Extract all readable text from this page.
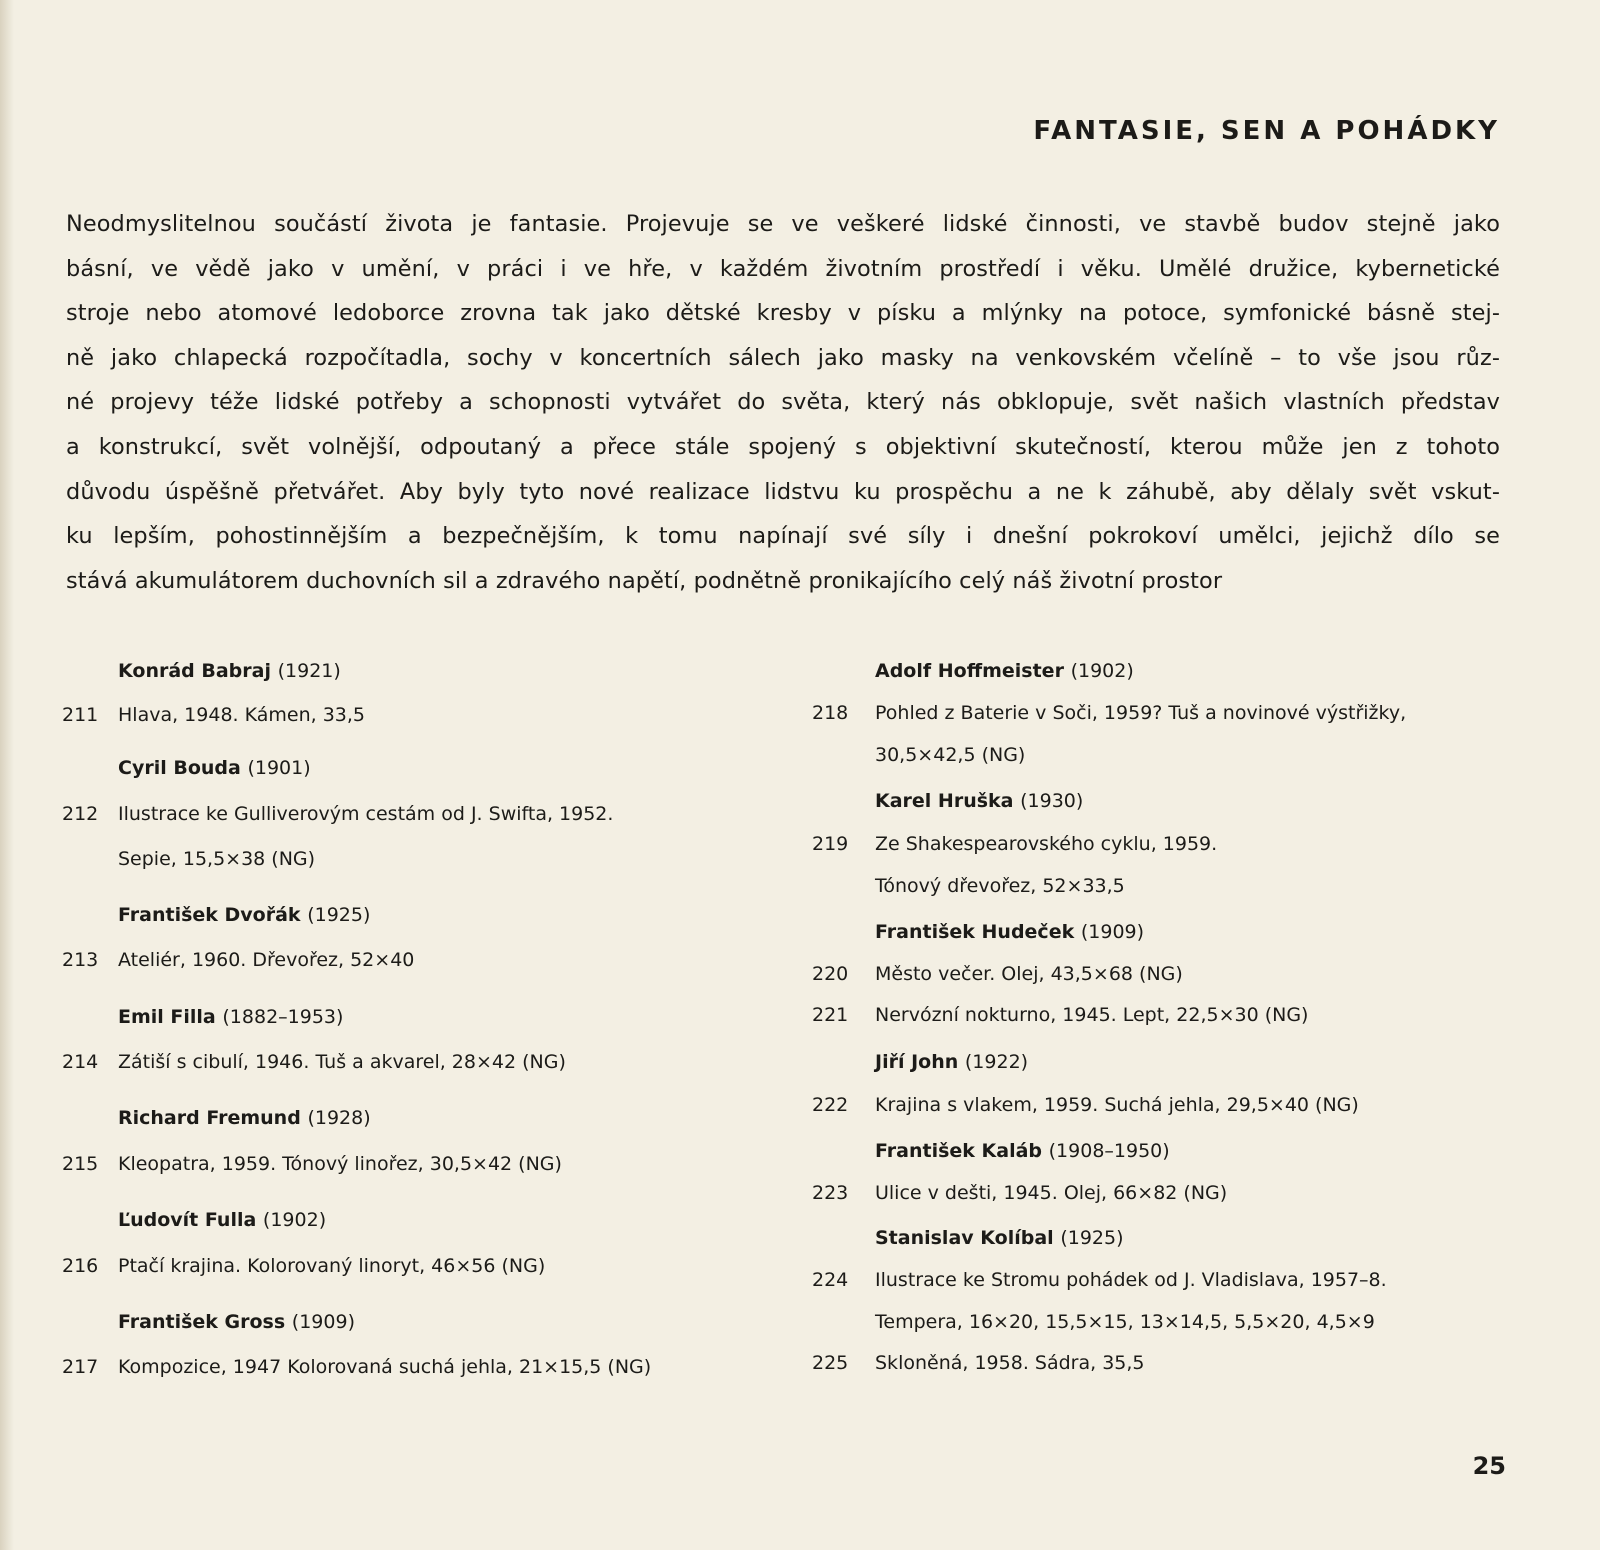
FANTASIE, SEN A POHÁDKY
Neodmyslitelnou součástí života je fantasie. Projevuje se ve veškeré lidské činnosti, ve stavbě budov stejně jako
básní, ve vědě jako v umění, v práci i ve hře, v každém životním prostředí i věku. Umělé družice, kybernetické
stroje nebo atomové ledoborce zrovna tak jako dětské kresby v písku a mlýnky na potoce, symfonické básně stej-
ně jako chlapecká rozpočítadla, sochy v koncertních sálech jako masky na venkovském včelíně – to vše jsou růz-
né projevy téže lidské potřeby a schopnosti vytvářet do světa, který nás obklopuje, svět našich vlastních představ
a konstrukcí, svět volnější, odpoutaný a přece stále spojený s objektivní skutečností, kterou může jen z tohoto
důvodu úspěšně přetvářet. Aby byly tyto nové realizace lidstvu ku prospěchu a ne k záhubě, aby dělaly svět vskut-
ku lepším, pohostinnějším a bezpečnějším, k tomu napínají své síly i dnešní pokrokoví umělci, jejichž dílo se
stává akumulátorem duchovních sil a zdravého napětí, podnětně pronikajícího celý náš životní prostor
Konrád Babraj (1921)
211 Hlava, 1948. Kámen, 33,5
Cyril Bouda (1901)
212 Ilustrace ke Gulliverovým cestám od J. Swifta, 1952.
Sepie, 15,5×38 (NG)
František Dvořák (1925)
213 Ateliér, 1960. Dřevořez, 52×40
Emil Filla (1882–1953)
214 Zátiší s cibulí, 1946. Tuš a akvarel, 28×42 (NG)
Richard Fremund (1928)
215 Kleopatra, 1959. Tónový linořez, 30,5×42 (NG)
Ľudovít Fulla (1902)
216 Ptačí krajina. Kolorovaný linoryt, 46×56 (NG)
František Gross (1909)
217 Kompozice, 1947 Kolorovaná suchá jehla, 21×15,5 (NG)
Adolf Hoffmeister (1902)
218 Pohled z Baterie v Soči, 1959? Tuš a novinové výstřižky,
30,5×42,5 (NG)
Karel Hruška (1930)
219 Ze Shakespearovského cyklu, 1959.
Tónový dřevořez, 52×33,5
František Hudeček (1909)
220 Město večer. Olej, 43,5×68 (NG)
221 Nervózní nokturno, 1945. Lept, 22,5×30 (NG)
Jiří John (1922)
222 Krajina s vlakem, 1959. Suchá jehla, 29,5×40 (NG)
František Kaláb (1908–1950)
223 Ulice v dešti, 1945. Olej, 66×82 (NG)
Stanislav Kolíbal (1925)
224 Ilustrace ke Stromu pohádek od J. Vladislava, 1957–8.
Tempera, 16×20, 15,5×15, 13×14,5, 5,5×20, 4,5×9
225 Skloněná, 1958. Sádra, 35,5
25
